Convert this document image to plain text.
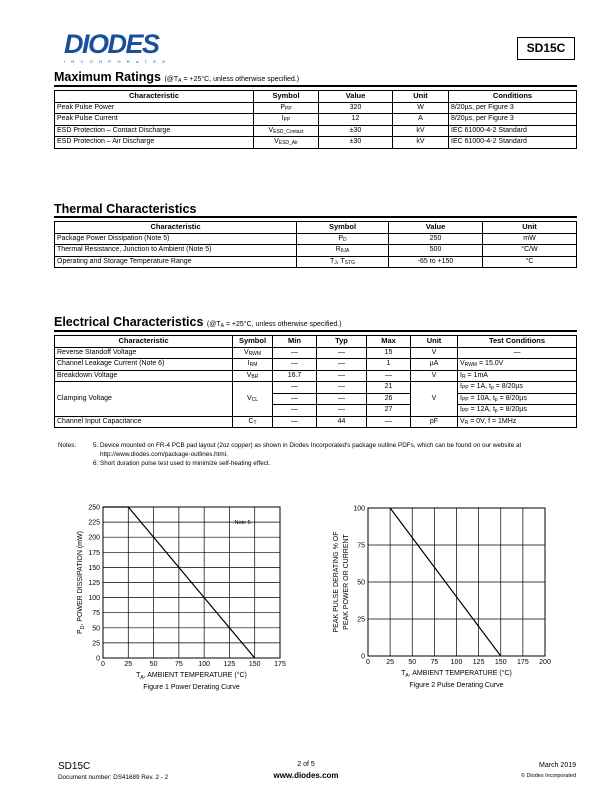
DIODES
INCORPORATED
SD15C
Maximum Ratings ($@T_A = +25^\circ C$, unless otherwise specified.)
Characteristic	Symbol	Value	Unit	Conditions
Peak Pulse Power	$P_{PP}$	320	W	8/20µs, per Figure 3
Peak Pulse Current	$I_{PP}$	12	A	8/20µs, per Figure 3
ESD Protection – Contact Discharge	$V_{ESD\_Contact}$	±30	kV	IEC 61000-4-2 Standard
ESD Protection – Air Discharge	$V_{ESD\_Air}$	±30	kV	IEC 61000-4-2 Standard
Thermal Characteristics
Characteristic	Symbol	Value	Unit
Package Power Dissipation (Note 5)	$P_D$	250	mW
Thermal Resistance, Junction to Ambient (Note 5)	$R_{\theta JA}$	500	°C/W
Operating and Storage Temperature Range	$T_J$, $T_{STG}$	-65 to +150	°C
Electrical Characteristics ($@T_A = +25^\circ C$, unless otherwise specified.)
Characteristic	Symbol	Min	Typ	Max	Unit	Test Conditions
Reverse Standoff Voltage	$V_{RWM}$	—	—	15	V	—
Channel Leakage Current (Note 6)	$I_{RM}$	—	—	1	µA	$V_{RWM} = 15.0V$
Breakdown Voltage	$V_{BR}$	16.7	—	—	V	$I_R = 1mA$
Clamping Voltage	$V_{CL}$	—	—	21	V	$I_{PP} = 1A$, $t_p = 8/20\mu s$
		—	—	26		$I_{PP} = 10A$, $t_p = 8/20\mu s$
		—	—	27		$I_{PP} = 12A$, $t_p = 8/20\mu s$
Channel Input Capacitance	$C_T$	—	44	—	pF	$V_R = 0V$, f = 1MHz
Notes:	5. Device mounted on FR-4 PCB pad layout (2oz copper) as shown in Diodes Incorporated's package outline PDFs, which can be found on our website at
http://www.diodes.com/package-outlines.html.
6. Short duration pulse test used to minimize self-heating effect.
0	25 50 75 100 125 150 175
0
25
50
75
100
125
150
175
200
225
250
$T_A$, AMBIENT TEMPERATURE (°C)
Figure 1 Power Derating Curve
$P_D$, POWER DISSIPATION (mW)
Note 5
0 25 50 75 100 125 150 175 200
0
25
50
75
100
$T_A$, AMBIENT TEMPERATURE (°C)
Figure 2 Pulse Derating Curve
PEAK PULSE DERATING % OF PEAK POWER OR CURRENT
SD15C
Document number: DS41689 Rev. 2 - 2
2 of 5
www.diodes.com
March 2019
© Diodes Incorporated
